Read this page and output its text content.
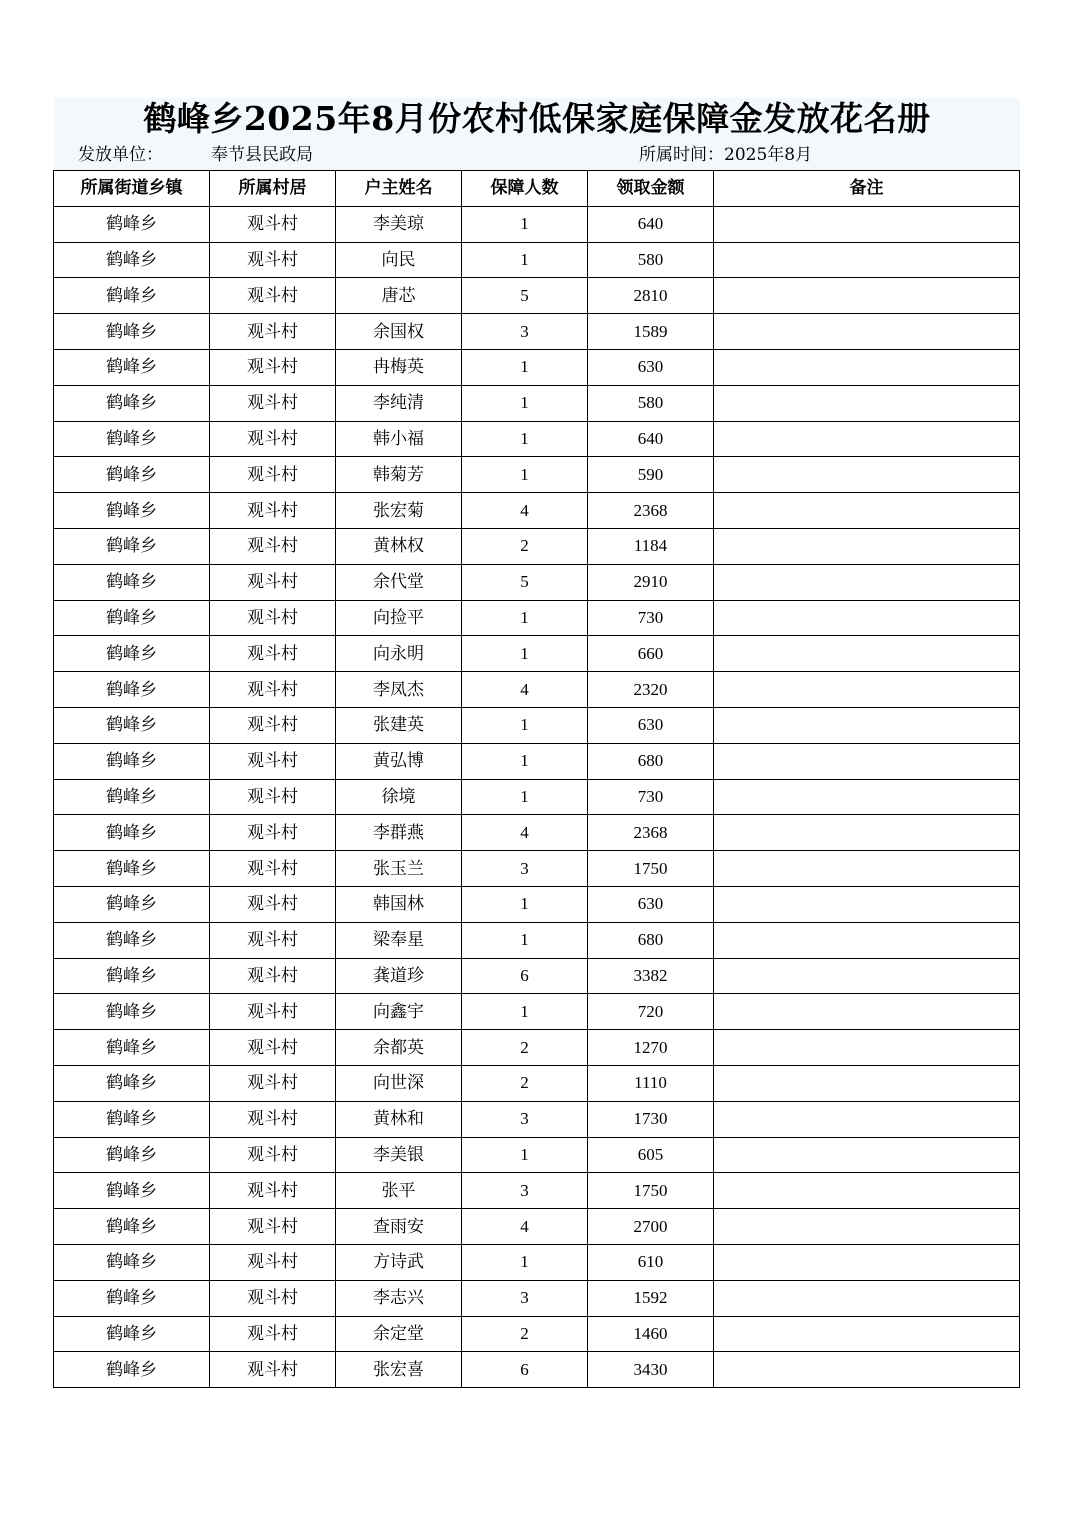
鹤峰乡2025年8月份农村低保家庭保障金发放花名册
发放单位：	奉节县民政局	所属时间：2025年8月
所属街道乡镇	所属村居	户主姓名	保障人数	领取金额	备注
鹤峰乡	观斗村	李美琼	1	640	
鹤峰乡	观斗村	向民	1	580	
鹤峰乡	观斗村	唐芯	5	2810	
鹤峰乡	观斗村	余国权	3	1589	
鹤峰乡	观斗村	冉梅英	1	630	
鹤峰乡	观斗村	李纯清	1	580	
鹤峰乡	观斗村	韩小福	1	640	
鹤峰乡	观斗村	韩菊芳	1	590	
鹤峰乡	观斗村	张宏菊	4	2368	
鹤峰乡	观斗村	黄林权	2	1184	
鹤峰乡	观斗村	余代堂	5	2910	
鹤峰乡	观斗村	向捡平	1	730	
鹤峰乡	观斗村	向永明	1	660	
鹤峰乡	观斗村	李凤杰	4	2320	
鹤峰乡	观斗村	张建英	1	630	
鹤峰乡	观斗村	黄弘博	1	680	
鹤峰乡	观斗村	徐境	1	730	
鹤峰乡	观斗村	李群燕	4	2368	
鹤峰乡	观斗村	张玉兰	3	1750	
鹤峰乡	观斗村	韩国林	1	630	
鹤峰乡	观斗村	梁奉星	1	680	
鹤峰乡	观斗村	龚道珍	6	3382	
鹤峰乡	观斗村	向鑫宇	1	720	
鹤峰乡	观斗村	余都英	2	1270	
鹤峰乡	观斗村	向世深	2	1110	
鹤峰乡	观斗村	黄林和	3	1730	
鹤峰乡	观斗村	李美银	1	605	
鹤峰乡	观斗村	张平	3	1750	
鹤峰乡	观斗村	查雨安	4	2700	
鹤峰乡	观斗村	方诗武	1	610	
鹤峰乡	观斗村	李志兴	3	1592	
鹤峰乡	观斗村	余定堂	2	1460	
鹤峰乡	观斗村	张宏喜	6	3430	
